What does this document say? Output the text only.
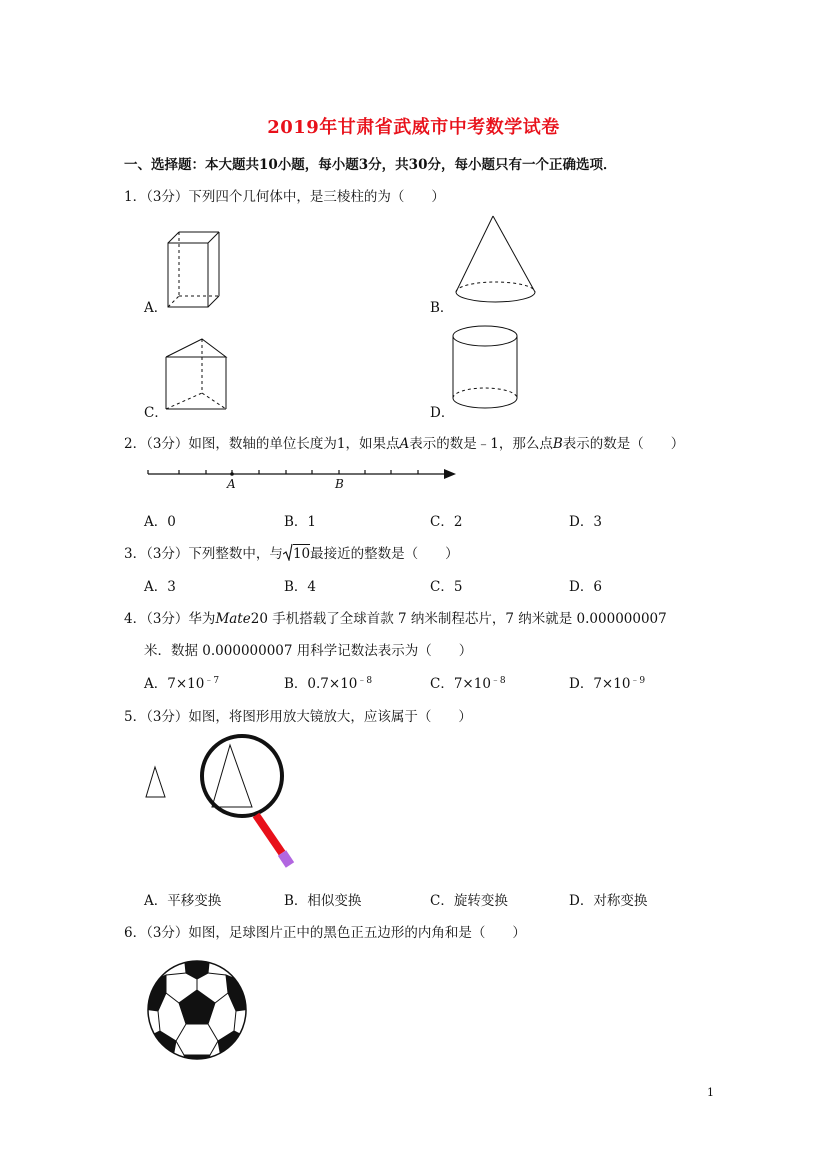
2019年甘肃省武威市中考数学试卷
一、选择题：本大题共10小题，每小题3分，共30分，每小题只有一个正确选项．
1．（3分）下列四个几何体中，是三棱柱的为（　　）
A．	B．
C．	D．
2．（3分）如图，数轴的单位长度为1，如果点A表示的数是﹣1，那么点B表示的数是（　　）
A	B
A．0	B．1	C．2	D．3
3．（3分）下列整数中，与 10最接近的整数是（　　）
A．3	B．4	C．5	D．6
4．（3分）华为Mate20 手机搭载了全球首款 7 纳米制程芯片，7 纳米就是 0.000000007
米．数据 0.000000007 用科学记数法表示为（　　）
A．$7\times 10^{﹣7}$	B．$0.7\times 10^{﹣8}$	C．$7\times 10^{﹣8}$	D．$7\times 10^{﹣9}$
5．（3分）如图，将图形用放大镜放大，应该属于（　　）
A．平移变换	B．相似变换	C．旋转变换	D．对称变换
6．（3分）如图，足球图片正中的黑色正五边形的内角和是（　　）
1
